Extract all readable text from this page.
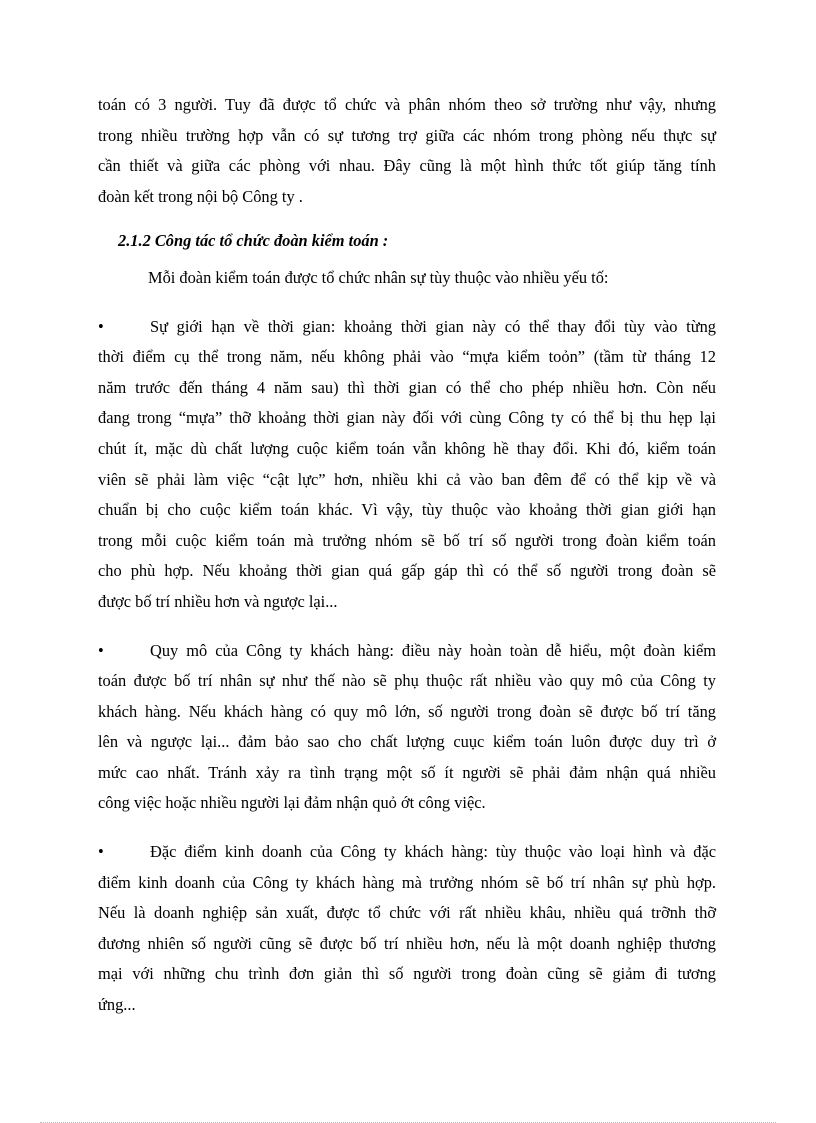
toán có 3 người. Tuy đã được tổ chức và phân nhóm theo sở trường như vậy, nhưng
trong nhiều trường hợp vẫn có sự tương trợ giữa các nhóm trong phòng nếu thực sự
cần thiết và giữa các phòng với nhau. Đây cũng là một hình thức tốt giúp tăng tính
đoàn kết trong nội bộ Công ty .
2.1.2 Công tác tổ chức đoàn kiểm toán :
Mỗi đoàn kiểm toán được tổ chức nhân sự tùy thuộc vào nhiều yếu tố:
•	Sự giới hạn về thời gian: khoảng thời gian này có thể thay đổi tùy vào từng
thời điểm cụ thể trong năm, nếu không phải vào “mựa kiểm toỏn” (tầm từ tháng 12
năm trước đến tháng 4 năm sau) thì thời gian có thể cho phép nhiều hơn. Còn nếu
đang trong “mựa” thỡ khoảng thời gian này đối với cùng Công ty có thể bị thu hẹp lại
chút ít, mặc dù chất lượng cuộc kiểm toán vẫn không hề thay đổi. Khi đó, kiểm toán
viên sẽ phải làm việc “cật lực” hơn, nhiều khi cả vào ban đêm để có thể kịp về và
chuẩn bị cho cuộc kiểm toán khác. Vì vậy, tùy thuộc vào khoảng thời gian giới hạn
trong mỗi cuộc kiểm toán mà trưởng nhóm sẽ bố trí số người trong đoàn kiểm toán
cho phù hợp. Nếu khoảng thời gian quá gấp gáp thì có thể số người trong đoàn sẽ
được bố trí nhiều hơn và ngược lại...
•	Quy mô của Công ty khách hàng: điều này hoàn toàn dễ hiểu, một đoàn kiểm
toán được bố trí nhân sự như thế nào sẽ phụ thuộc rất nhiều vào quy mô của Công ty
khách hàng. Nếu khách hàng có quy mô lớn, số người trong đoàn sẽ được bố trí tăng
lên và ngược lại... đảm bảo sao cho chất lượng cuục kiểm toán luôn được duy trì ở
mức cao nhất. Tránh xảy ra tình trạng một số ít người sẽ phải đảm nhận quá nhiều
công việc hoặc nhiều người lại đảm nhận quỏ ớt công việc.
•	Đặc điểm kinh doanh của Công ty khách hàng: tùy thuộc vào loại hình và đặc
điểm kinh doanh của Công ty khách hàng mà trưởng nhóm sẽ bố trí nhân sự phù hợp.
Nếu là doanh nghiệp sản xuất, được tổ chức với rất nhiều khâu, nhiều quá trỡnh thỡ
đương nhiên số người cũng sẽ được bố trí nhiều hơn, nếu là một doanh nghiệp thương
mại với những chu trình đơn giản thì số người trong đoàn cũng sẽ giảm đi tương
ứng...
